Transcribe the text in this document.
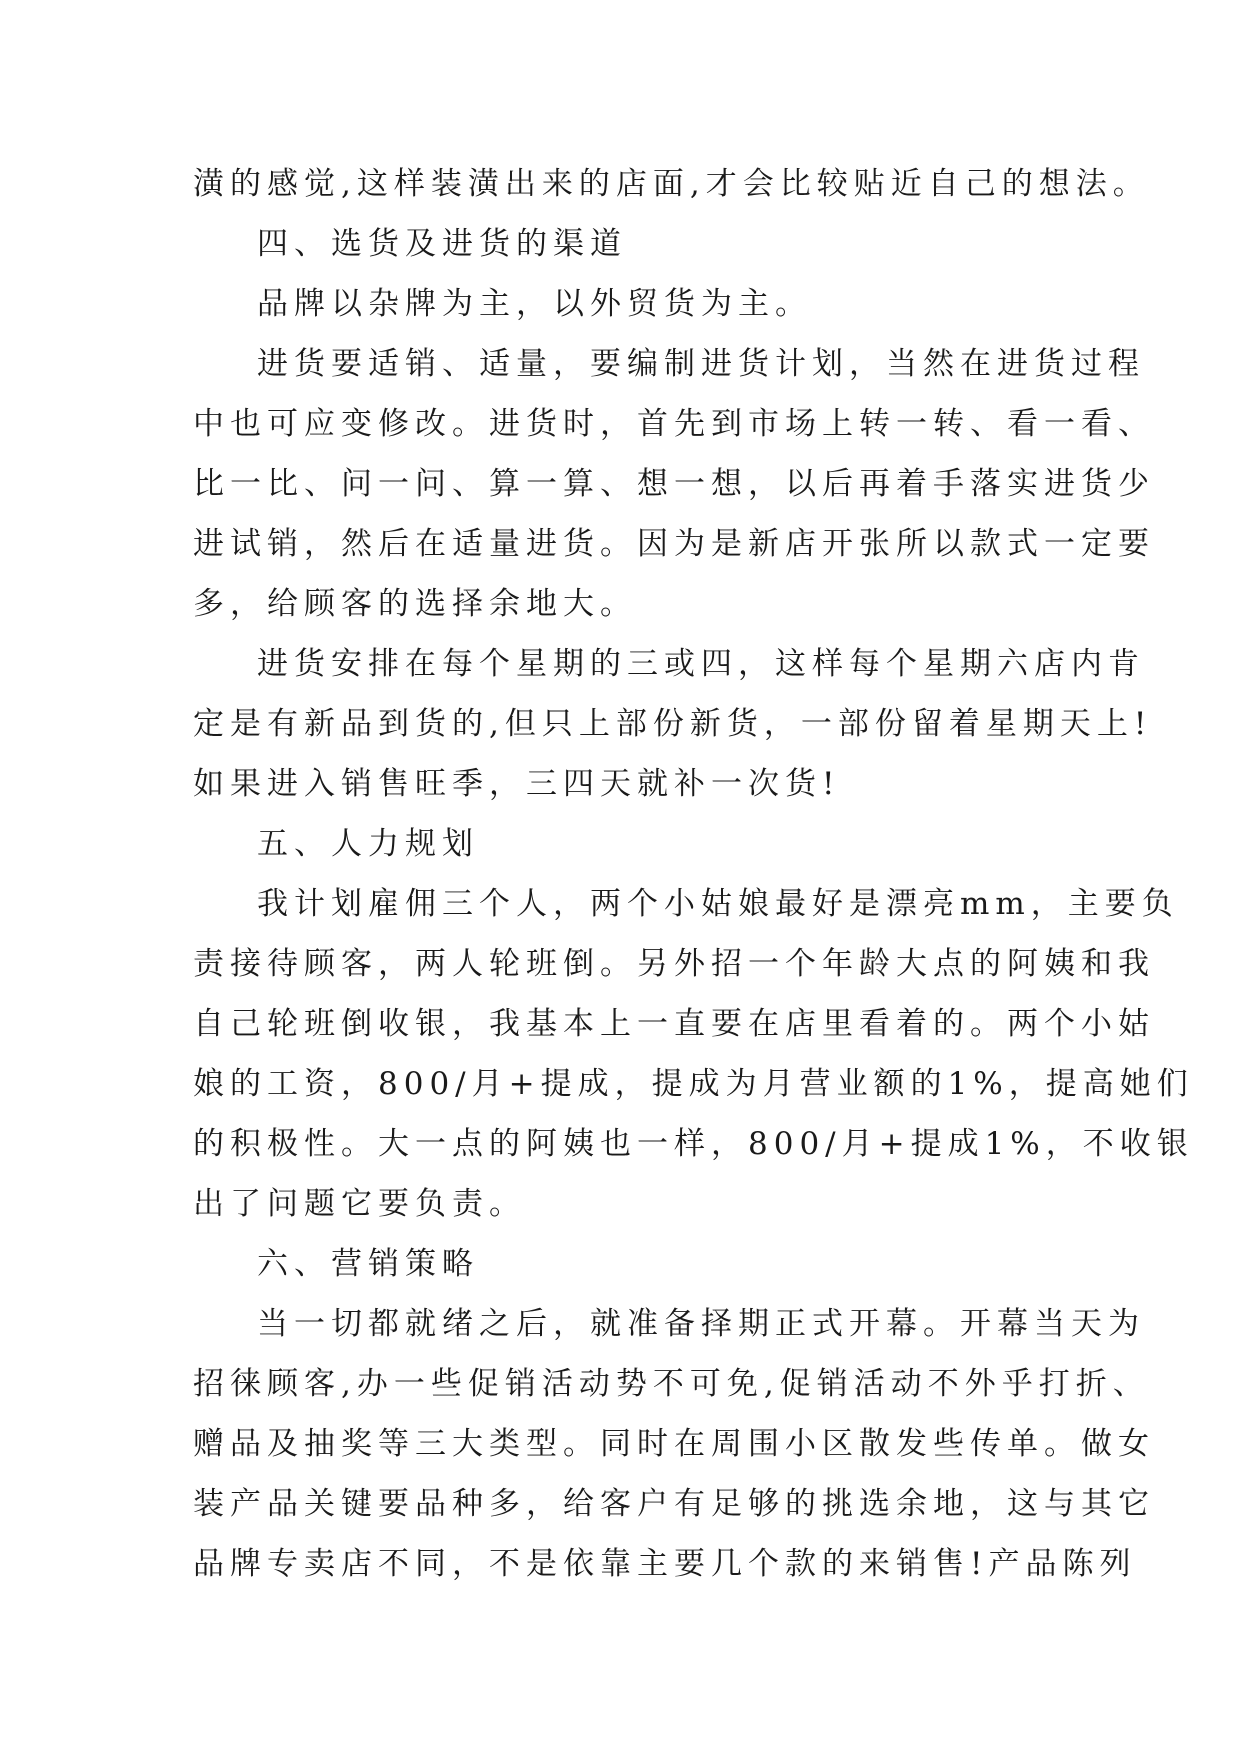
潢的感觉,这样装潢出来的店面,才会比较贴近自己的想法。
四、选货及进货的渠道
品牌以杂牌为主，以外贸货为主。
进货要适销、适量，要编制进货计划，当然在进货过程
中也可应变修改。进货时，首先到市场上转一转、看一看、
比一比、问一问、算一算、想一想，以后再着手落实进货少
进试销，然后在适量进货。因为是新店开张所以款式一定要
多，给顾客的选择余地大。
进货安排在每个星期的三或四，这样每个星期六店内肯
定是有新品到货的,但只上部份新货，一部份留着星期天上!
如果进入销售旺季，三四天就补一次货!
五、人力规划
我计划雇佣三个人，两个小姑娘最好是漂亮mm，主要负
责接待顾客，两人轮班倒。另外招一个年龄大点的阿姨和我
自己轮班倒收银，我基本上一直要在店里看着的。两个小姑
娘的工资，800/月+提成，提成为月营业额的1%，提高她们
的积极性。大一点的阿姨也一样，800/月+提成1%，不收银
出了问题它要负责。
六、营销策略
当一切都就绪之后，就准备择期正式开幕。开幕当天为
招徕顾客,办一些促销活动势不可免,促销活动不外乎打折、
赠品及抽奖等三大类型。同时在周围小区散发些传单。做女
装产品关键要品种多，给客户有足够的挑选余地，这与其它
品牌专卖店不同，不是依靠主要几个款的来销售!产品陈列
